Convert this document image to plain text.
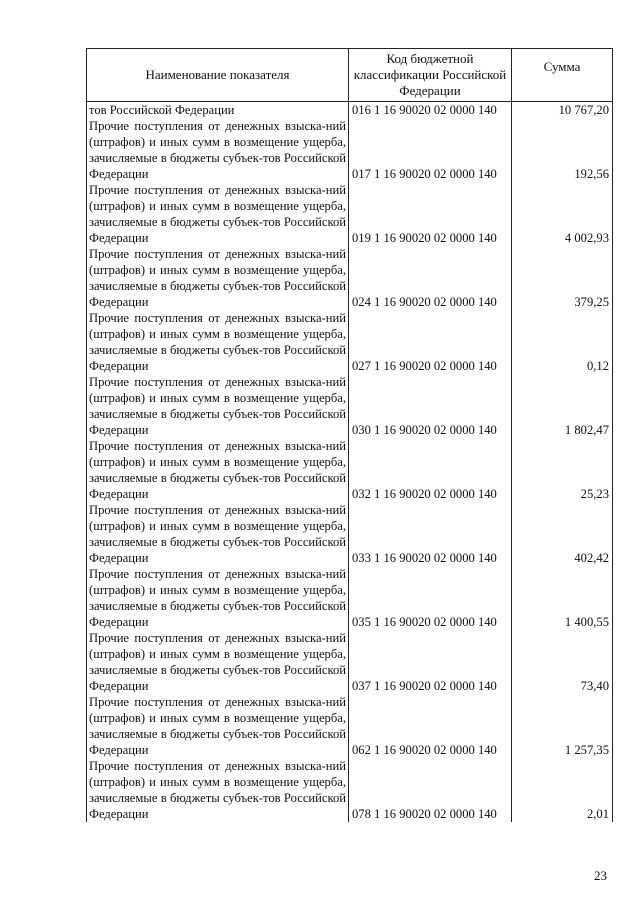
Наименование показателя	Код бюджетной классификации Российской Федерации	Сумма
тов Российской Федерации	016 1 16 90020 02 0000 140	10 767,20
Прочие поступления от денежных взыска-ний (штрафов) и иных сумм в возмещение ущерба, зачисляемые в бюджеты субъек-тов Российской Федерации	017 1 16 90020 02 0000 140	192,56
Прочие поступления от денежных взыска-ний (штрафов) и иных сумм в возмещение ущерба, зачисляемые в бюджеты субъек-тов Российской Федерации	019 1 16 90020 02 0000 140	4 002,93
Прочие поступления от денежных взыска-ний (штрафов) и иных сумм в возмещение ущерба, зачисляемые в бюджеты субъек-тов Российской Федерации	024 1 16 90020 02 0000 140	379,25
Прочие поступления от денежных взыска-ний (штрафов) и иных сумм в возмещение ущерба, зачисляемые в бюджеты субъек-тов Российской Федерации	027 1 16 90020 02 0000 140	0,12
Прочие поступления от денежных взыска-ний (штрафов) и иных сумм в возмещение ущерба, зачисляемые в бюджеты субъек-тов Российской Федерации	030 1 16 90020 02 0000 140	1 802,47
Прочие поступления от денежных взыска-ний (штрафов) и иных сумм в возмещение ущерба, зачисляемые в бюджеты субъек-тов Российской Федерации	032 1 16 90020 02 0000 140	25,23
Прочие поступления от денежных взыска-ний (штрафов) и иных сумм в возмещение ущерба, зачисляемые в бюджеты субъек-тов Российской Федерации	033 1 16 90020 02 0000 140	402,42
Прочие поступления от денежных взыска-ний (штрафов) и иных сумм в возмещение ущерба, зачисляемые в бюджеты субъек-тов Российской Федерации	035 1 16 90020 02 0000 140	1 400,55
Прочие поступления от денежных взыска-ний (штрафов) и иных сумм в возмещение ущерба, зачисляемые в бюджеты субъек-тов Российской Федерации	037 1 16 90020 02 0000 140	73,40
Прочие поступления от денежных взыска-ний (штрафов) и иных сумм в возмещение ущерба, зачисляемые в бюджеты субъек-тов Российской Федерации	062 1 16 90020 02 0000 140	1 257,35
Прочие поступления от денежных взыска-ний (штрафов) и иных сумм в возмещение ущерба, зачисляемые в бюджеты субъек-тов Российской Федерации	078 1 16 90020 02 0000 140	2,01
23
